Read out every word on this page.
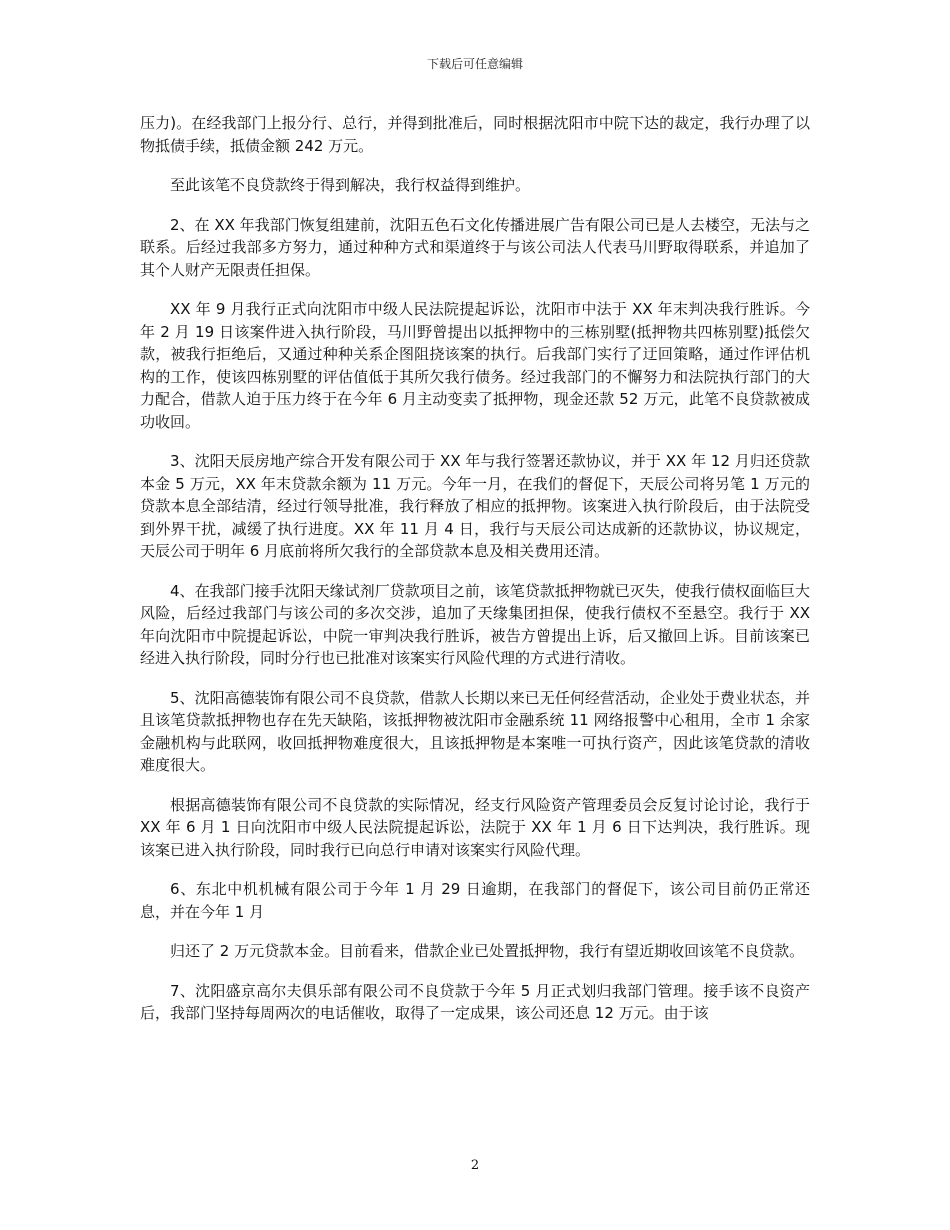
下载后可任意编辑

压力)。在经我部门上报分行、总行，并得到批准后，同时根据沈阳市中院下达的裁定，我行办理了以物抵债手续，抵债金额 242 万元。

至此该笔不良贷款终于得到解决，我行权益得到维护。

2、在 XX 年我部门恢复组建前，沈阳五色石文化传播进展广告有限公司已是人去楼空，无法与之联系。后经过我部多方努力，通过种种方式和渠道终于与该公司法人代表马川野取得联系，并追加了其个人财产无限责任担保。

XX 年 9 月我行正式向沈阳市中级人民法院提起诉讼，沈阳市中法于 XX 年末判决我行胜诉。今年 2 月 19 日该案件进入执行阶段，马川野曾提出以抵押物中的三栋别墅(抵押物共四栋别墅)抵偿欠款，被我行拒绝后，又通过种种关系企图阻挠该案的执行。后我部门实行了迂回策略，通过作评估机构的工作，使该四栋别墅的评估值低于其所欠我行债务。经过我部门的不懈努力和法院执行部门的大力配合，借款人迫于压力终于在今年 6 月主动变卖了抵押物，现金还款 52 万元，此笔不良贷款被成功收回。

3、沈阳天辰房地产综合开发有限公司于 XX 年与我行签署还款协议，并于 XX 年 12 月归还贷款本金 5 万元，XX 年末贷款余额为 11 万元。今年一月，在我们的督促下，天辰公司将另笔 1 万元的贷款本息全部结清，经过行领导批准，我行释放了相应的抵押物。该案进入执行阶段后，由于法院受到外界干扰，减缓了执行进度。XX 年 11 月 4 日，我行与天辰公司达成新的还款协议，协议规定，天辰公司于明年 6 月底前将所欠我行的全部贷款本息及相关费用还清。

4、在我部门接手沈阳天缘试剂厂贷款项目之前，该笔贷款抵押物就已灭失，使我行债权面临巨大风险，后经过我部门与该公司的多次交涉，追加了天缘集团担保，使我行债权不至悬空。我行于 XX 年向沈阳市中院提起诉讼，中院一审判决我行胜诉，被告方曾提出上诉，后又撤回上诉。目前该案已经进入执行阶段，同时分行也已批准对该案实行风险代理的方式进行清收。

5、沈阳高德装饰有限公司不良贷款，借款人长期以来已无任何经营活动，企业处于费业状态，并且该笔贷款抵押物也存在先天缺陷，该抵押物被沈阳市金融系统 11 网络报警中心租用，全市 1 余家金融机构与此联网，收回抵押物难度很大，且该抵押物是本案唯一可执行资产，因此该笔贷款的清收难度很大。

根据高德装饰有限公司不良贷款的实际情况，经支行风险资产管理委员会反复讨论讨论，我行于 XX 年 6 月 1 日向沈阳市中级人民法院提起诉讼，法院于 XX 年 1 月 6 日下达判决，我行胜诉。现该案已进入执行阶段，同时我行已向总行申请对该案实行风险代理。

6、东北中机机械有限公司于今年 1 月 29 日逾期，在我部门的督促下，该公司目前仍正常还息，并在今年 1 月

归还了 2 万元贷款本金。目前看来，借款企业已处置抵押物，我行有望近期收回该笔不良贷款。

7、沈阳盛京高尔夫俱乐部有限公司不良贷款于今年 5 月正式划归我部门管理。接手该不良资产后，我部门坚持每周两次的电话催收，取得了一定成果，该公司还息 12 万元。由于该

2
